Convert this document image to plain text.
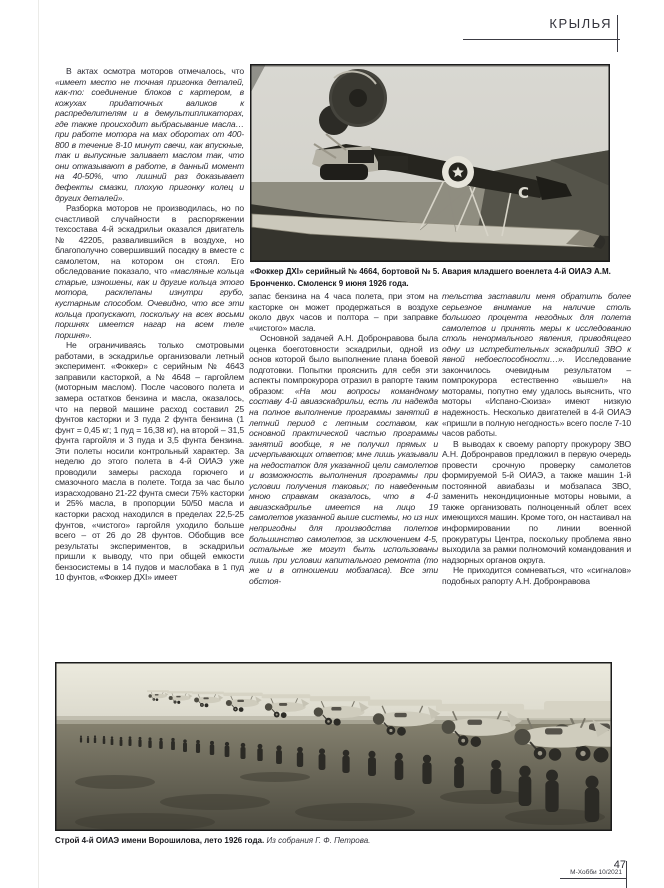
КРЫЛЬЯ

В актах осмотра моторов отмечалось, что «имеет место не точная пригонка деталей, как-то: соединение блоков с картером, в кожухах придаточных валиков к распределителям и в демультипликаторах, где также происходит выбрасывание масла… при работе мотора на мах оборотах от 400-800 в течение 8-10 минут свечи, как впускные, так и выпускные заливает маслом так, что они отказывают в работе, в данный момент на 40-50%, что лишний раз доказывает дефекты смазки, плохую пригонку колец и других деталей».

Разборка моторов не производилась, но по счастливой случайности в распоряжении техсостава 4-й эскадрильи оказался двигатель № 42205, развалившийся в воздухе, но благополучно совершивший посадку в вместе с самолетом, на котором он стоял. Его обследование показало, что «масляные кольца старые, изношены, как и другие кольца этого мотора, расклепаны изнутри грубо, кустарным способом. Очевидно, что все эти кольца пропускают, поскольку на всех восьми поршнях имеется нагар на всем теле поршня».

Не ограничиваясь только смотровыми работами, в эскадрилье организовали летный эксперимент. «Фоккер» с серийным № 4643 заправили касторкой, а № 4648 – гаргойлем (моторным маслом). После часового полета и замера остатков бензина и масла, оказалось, что на первой машине расход составил 25 фунтов касторки и 3 пуда 2 фунта бензина (1 фунт = 0,45 кг; 1 пуд = 16,38 кг), на второй – 31,5 фунта гаргойля и 3 пуда и 3,5 фунта бензина. Эти полеты носили контрольный характер. За неделю до этого полета в 4-й ОИАЭ уже проводили замеры расхода горючего и смазочного масла в полете. Тогда за час было израсходовано 21-22 фунта смеси 75% касторки и 25% масла, в пропорции 50/50 масла и касторки расход находился в пределах 22,5-25 фунтов, «чистого» гаргойля уходило больше всего – от 26 до 28 фунтов. Обобщив все результаты экспериментов, в эскадрильи пришли к выводу, что при общей емкости бензосистемы в 14 пудов и маслобака в 1 пуд 10 фунтов, «Фоккер ДХI» имеет

С
«Фоккер ДХI» серийный № 4664, бортовой № 5. Авария младшего военлета 4-й ОИАЭ А.М. Бронченко. Смоленск 9 июня 1926 года.

запас бензина на 4 часа полета, при этом на касторке он может продержаться в воздухе около двух часов и полтора – при заправке «чистого» масла.

Основной задачей А.Н. Добронравова была оценка боеготовности эскадрильи, одной из основ которой было выполнение плана боевой подготовки. Попытки прояснить для себя эти аспекты помпрокурора отразил в рапорте таким образом: «На мои вопросы командному составу 4-й авиаэскадрильи, есть ли надежда на полное выполнение программы занятий в летний период с летным составом, как основной практической частью программы занятий вообще, я не получил прямых и исчерпывающих ответов; мне лишь указывали на недостаток для указанной цели самолетов и возможность выполнения программы при условии получения таковых; по наведенным мною справкам оказалось, что в 4-й авиаэскадрилье имеется на лицо 19 самолетов указанной выше системы, но из них непригодны для производства полетов большинство самолетов, за исключением 4-5, остальные же могут быть использованы лишь при условии капитального ремонта (то же и в отношении мобзапаса). Все эти обстоя-

тельства заставили меня обратить более серьезное внимание на наличие столь большого процента негодных для полета самолетов и принять меры к исследованию столь ненормального явления, приводящего одну из истребительных эскадрилий ЗВО к явной небоеспособности…». Исследование закончилось очевидным результатом – помпрокурора естественно «вышел» на моторамы, попутно ему удалось выяснить, что моторы «Испано-Сюиза» имеют низкую надежность. Несколько двигателей в 4-й ОИАЭ «пришли в полную негодность» всего после 7-10 часов работы.

В выводах к своему рапорту прокурору ЗВО А.Н. Добронравов предложил в первую очередь провести срочную проверку самолетов формируемой 5-й ОИАЭ, а также машин 1-й постоянной авиабазы и мобзапаса ЗВО, заменить некондиционные моторы новыми, а также организовать полноценный облет всех имеющихся машин. Кроме того, он настаивал на информировании по линии военной прокуратуры Центра, поскольку проблема явно выходила за рамки полномочий командования и надзорных органов округа.

Не приходится сомневаться, что «сигналов» подобных рапорту А.Н. Добронравова

Строй 4-й ОИАЭ имени Ворошилова, лето 1926 года. Из собрания Г. Ф. Петрова.
М-Хобби 10/2021
47
